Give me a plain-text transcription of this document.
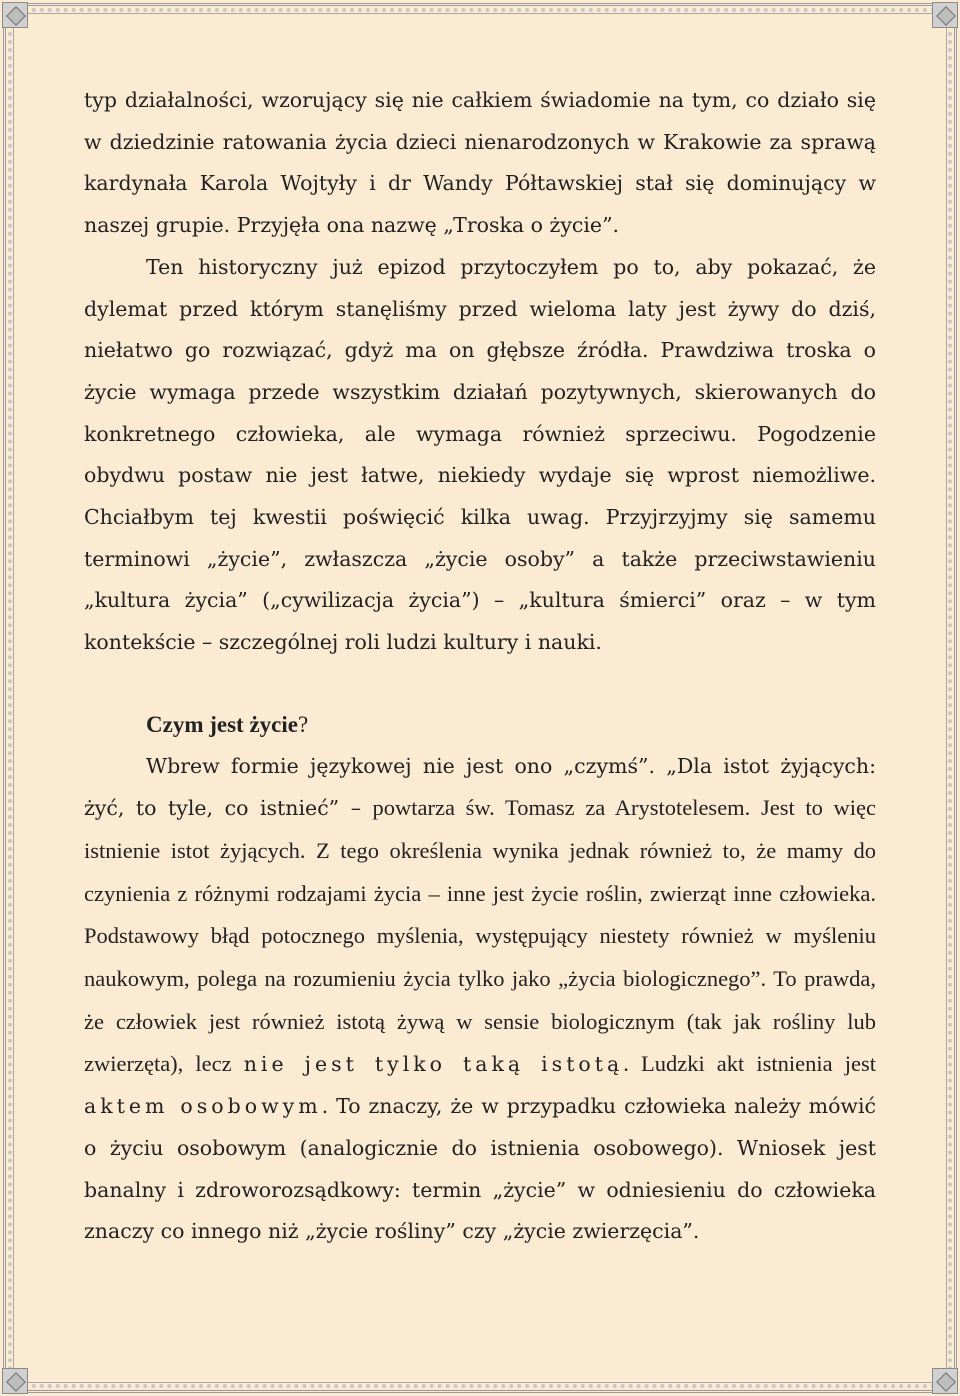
typ działalności, wzorujący się nie całkiem świadomie na tym, co działo się w dziedzinie ratowania życia dzieci nienarodzonych w Krakowie za sprawą kardynała Karola Wojtyły i dr Wandy Półtawskiej stał się dominujący w naszej grupie. Przyjęła ona nazwę „Troska o życie”.

Ten historyczny już epizod przytoczyłem po to, aby pokazać, że dylemat przed którym stanęliśmy przed wieloma laty jest żywy do dziś, niełatwo go rozwiązać, gdyż ma on głębsze źródła. Prawdziwa troska o życie wymaga przede wszystkim działań pozytywnych, skierowanych do konkretnego człowieka, ale wymaga również sprzeciwu. Pogodzenie obydwu postaw nie jest łatwe, niekiedy wydaje się wprost niemożliwe. Chciałbym tej kwestii poświęcić kilka uwag. Przyjrzyjmy się samemu terminowi „życie”, zwłaszcza „życie osoby” a także przeciwstawieniu „kultura życia” („cywilizacja życia”) – „kultura śmierci” oraz – w tym kontekście – szczególnej roli ludzi kultury i nauki.

Czym jest życie?

Wbrew formie językowej nie jest ono „czymś”. „Dla istot żyjących: żyć, to tyle, co istnieć” – powtarza św. Tomasz za Arystotelesem. Jest to więc istnienie istot żyjących. Z tego określenia wynika jednak również to, że mamy do czynienia z różnymi rodzajami życia – inne jest życie roślin, zwierząt inne człowieka. Podstawowy błąd potocznego myślenia, występujący niestety również w myśleniu naukowym, polega na rozumieniu życia tylko jako „życia biologicznego”. To prawda, że człowiek jest również istotą żywą w sensie biologicznym (tak jak rośliny lub zwierzęta), lecz nie jest tylko taką istotą. Ludzki akt istnienia jest aktem osobowym. To znaczy, że w przypadku człowieka należy mówić o życiu osobowym (analogicznie do istnienia osobowego). Wniosek jest banalny i zdroworozsądkowy: termin „życie” w odniesieniu do człowieka znaczy co innego niż „życie rośliny” czy „życie zwierzęcia”.
